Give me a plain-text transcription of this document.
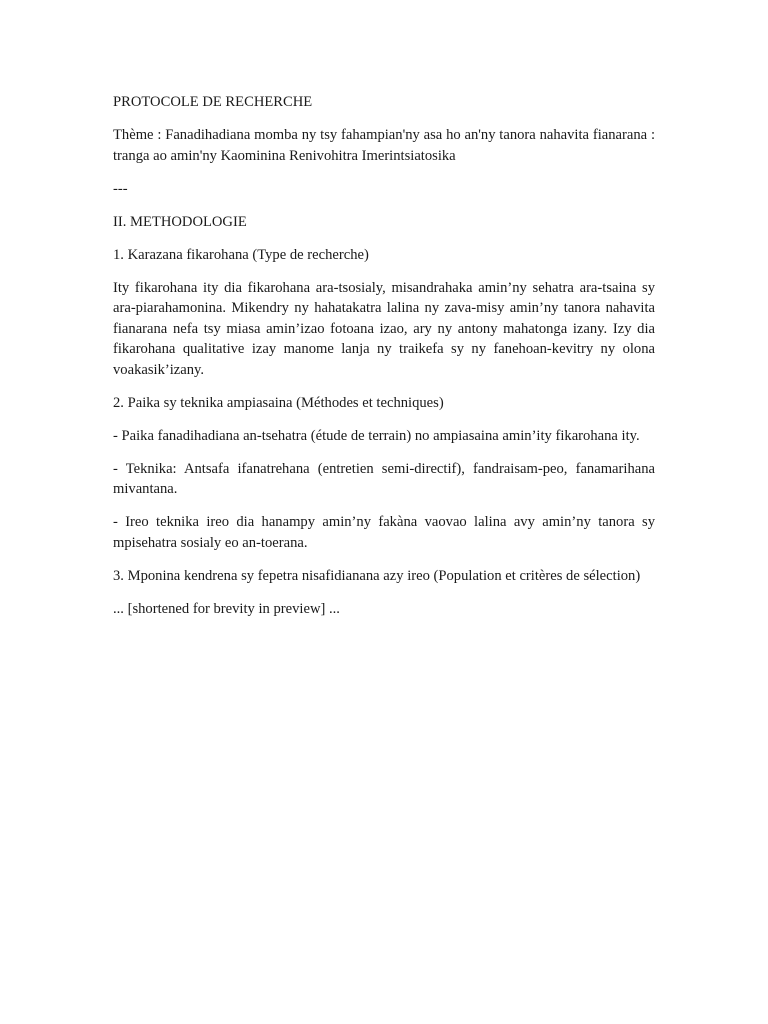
PROTOCOLE DE RECHERCHE

Thème : Fanadihadiana momba ny tsy fahampian'ny asa ho an'ny tanora nahavita fianarana : tranga ao amin'ny Kaominina Renivohitra Imerintsiatosika

---

II. METHODOLOGIE

1. Karazana fikarohana (Type de recherche)

Ity fikarohana ity dia fikarohana ara-tsosialy, misandrahaka amin’ny sehatra ara-tsaina sy ara-piarahamonina. Mikendry ny hahatakatra lalina ny zava-misy amin’ny tanora nahavita fianarana nefa tsy miasa amin’izao fotoana izao, ary ny antony mahatonga izany. Izy dia fikarohana qualitative izay manome lanja ny traikefa sy ny fanehoan-kevitry ny olona voakasik’izany.

2. Paika sy teknika ampiasaina (Méthodes et techniques)

- Paika fanadihadiana an-tsehatra (étude de terrain) no ampiasaina amin’ity fikarohana ity.

- Teknika: Antsafa ifanatrehana (entretien semi-directif), fandraisam-peo, fanamarihana mivantana.

- Ireo teknika ireo dia hanampy amin’ny fakàna vaovao lalina avy amin’ny tanora sy mpisehatra sosialy eo an-toerana.

3. Mponina kendrena sy fepetra nisafidianana azy ireo (Population et critères de sélection)

... [shortened for brevity in preview] ...
